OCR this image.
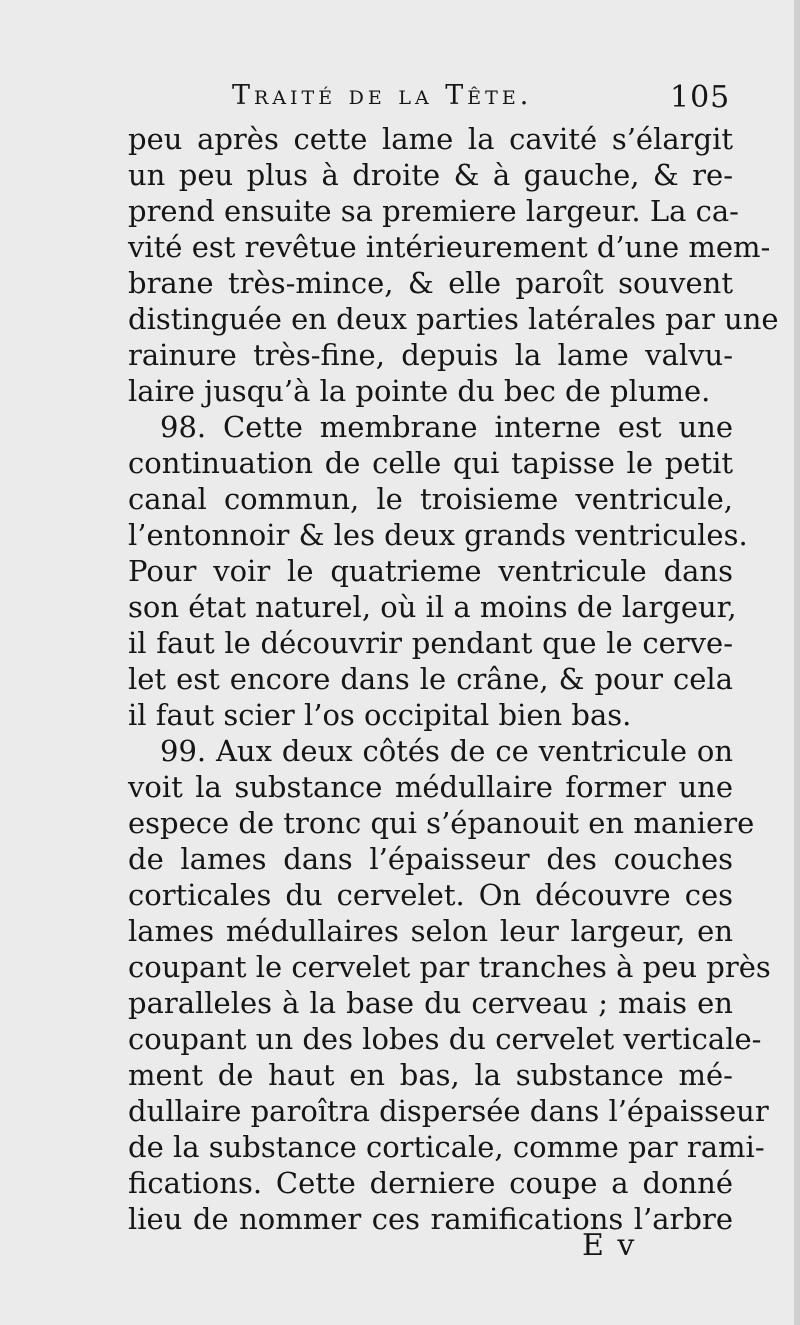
Traité de la Tête.	105
peu après cette lame la cavité s’élargit
un peu plus à droite & à gauche, & re-
prend ensuite sa premiere largeur. La ca-
vité est revêtue intérieurement d’une mem-
brane très-mince, & elle paroît souvent
distinguée en deux parties latérales par une
rainure très-fine, depuis la lame valvu-
laire jusqu’à la pointe du bec de plume.
98. Cette membrane interne est une
continuation de celle qui tapisse le petit
canal commun, le troisieme ventricule,
l’entonnoir & les deux grands ventricules.
Pour voir le quatrieme ventricule dans
son état naturel, où il a moins de largeur,
il faut le découvrir pendant que le cerve-
let est encore dans le crâne, & pour cela
il faut scier l’os occipital bien bas.
99. Aux deux côtés de ce ventricule on
voit la substance médullaire former une
espece de tronc qui s’épanouit en maniere
de lames dans l’épaisseur des couches
corticales du cervelet. On découvre ces
lames médullaires selon leur largeur, en
coupant le cervelet par tranches à peu près
paralleles à la base du cerveau ; mais en
coupant un des lobes du cervelet verticale-
ment de haut en bas, la substance mé-
dullaire paroîtra dispersée dans l’épaisseur
de la substance corticale, comme par rami-
fications. Cette derniere coupe a donné
lieu de nommer ces ramifications l’arbre
E v
